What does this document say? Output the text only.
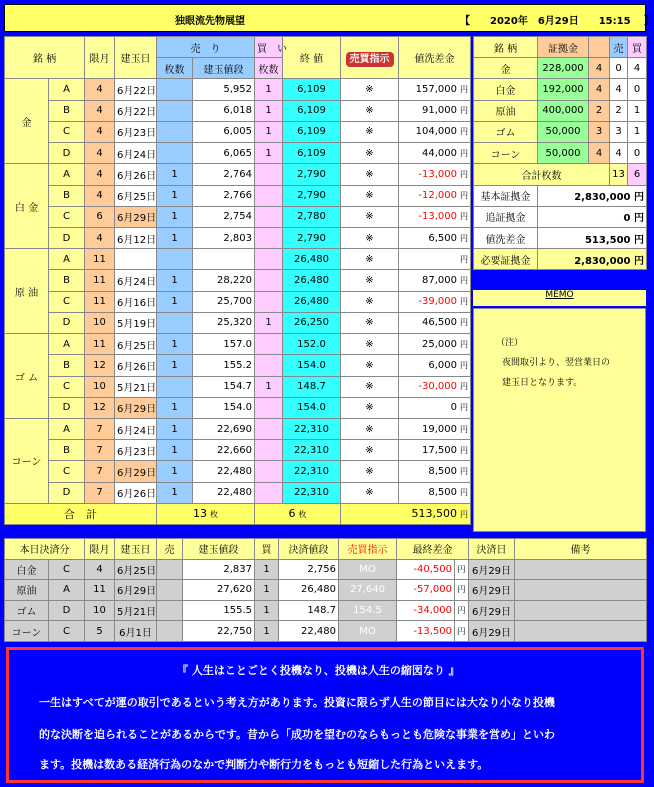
独眼流先物展望	【　　2020年　6月29日　　15:15　 】
銘 柄		限月	建玉日	売　り		買　い	終 値	売買指示	値洗差金
				枚数	建玉値段	枚数			
金	A	4	6月22日		5,952	1	6,109	※	157,000 円
	B	4	6月22日		6,018	1	6,109	※	91,000 円
	C	4	6月23日		6,005	1	6,109	※	104,000 円
	D	4	6月24日		6,065	1	6,109	※	44,000 円
白 金	A	4	6月26日	1	2,764		2,790	※	-13,000 円
	B	4	6月25日	1	2,766		2,790	※	-12,000 円
	C	6	6月29日	1	2,754		2,780	※	-13,000 円
	D	4	6月12日	1	2,803		2,790	※	6,500 円
原 油	A	11					26,480	※	円
	B	11	6月24日	1	28,220		26,480	※	87,000 円
	C	11	6月16日	1	25,700		26,480	※	-39,000 円
	D	10	5月19日		25,320	1	26,250	※	46,500 円
ゴ ム	A	11	6月25日	1	157.0		152.0	※	25,000 円
	B	12	6月26日	1	155.2		154.0	※	6,000 円
	C	10	5月21日		154.7	1	148.7	※	-30,000 円
	D	12	6月29日	1	154.0		154.0	※	0 円
コーン	A	7	6月24日	1	22,690		22,310	※	19,000 円
	B	7	6月23日	1	22,660		22,310	※	17,500 円
	C	7	6月29日	1	22,480		22,310	※	8,500 円
	D	7	6月26日	1	22,480		22,310	※	8,500 円
合　計				13 枚		6 枚		513,500 円	
銘 柄	証拠金		売	買
金	228,000	4	0	4
白金	192,000	4	4	0
原油	400,000	2	2	1
ゴム	50,000	3	3	1
コーン	50,000	4	4	0
合計枚数			13	6
基本証拠金	2,830,000 円			
追証拠金	0 円			
値洗差金	513,500 円			
必要証拠金	2,830,000 円			
MEMO

（注）

夜間取引より、翌営業日の

建玉日となります。

本日決済分		限月	建玉日	売	建玉値段	買	決済値段	売買指示	最終差金		決済日	備考
白金	C	4	6月25日		2,837	1	2,756	MO	-40,500	円	6月29日	
原油	A	11	6月29日		27,620	1	26,480	27,640	-57,000	円	6月29日	
ゴム	D	10	5月21日		155.5	1	148.7	154.5	-34,000	円	6月29日	
コーン	C	5	6月1日		22,750	1	22,480	MO	-13,500	円	6月29日	

『 人生はことごとく投機なり、投機は人生の縮図なり 』

一生はすべてが運の取引であるという考え方があります。投資に限らず人生の節目には大なり小なり投機

的な決断を迫られることがあるからです。昔から「成功を望むのならもっとも危険な事業を営め」といわ

ます。投機は数ある経済行為のなかで判断力や断行力をもっとも短縮した行為といえます。
